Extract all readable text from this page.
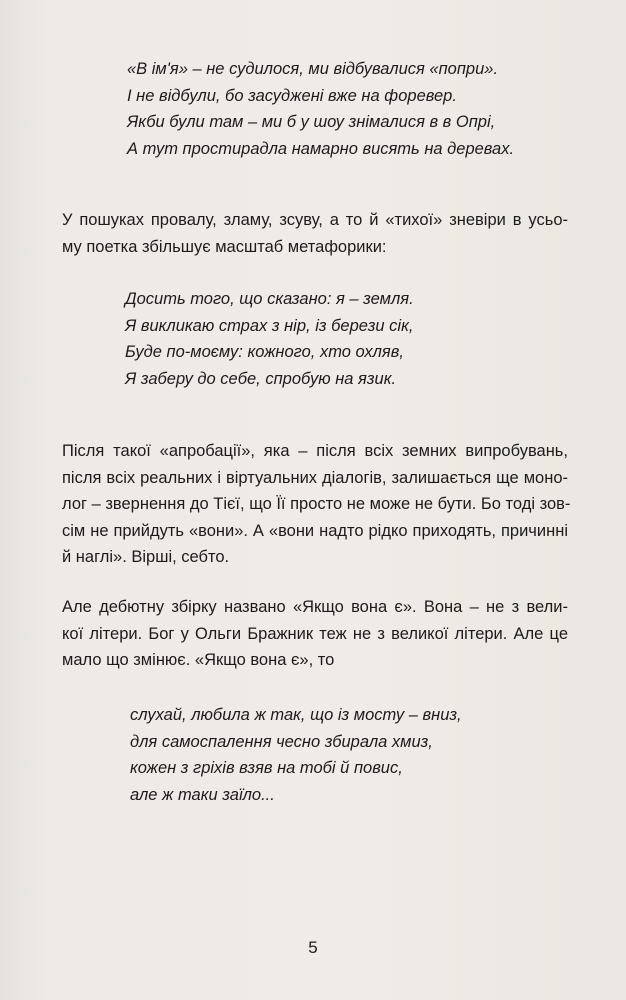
«В ім'я» – не судилося, ми відбувалися «попри».
І не відбули, бо засуджені вже на форевер.
Якби були там – ми б у шоу знімалися в в Опрі,
А тут простирадла намарно висять на деревах.
У пошуках провалу, зламу, зсуву, а то й «тихої» зневіри в усьо-
му поетка збільшує масштаб метафорики:
Досить того, що сказано: я – земля.
Я викликаю страх з нір, із берези сік,
Буде по-моєму: кожного, хто охляв,
Я заберу до себе, спробую на язик.
Після такої «апробації», яка – після всіх земних випробувань,
після всіх реальних і віртуальних діалогів, залишається ще моно-
лог – звернення до Тієї, що Її просто не може не бути. Бо тоді зов-
сім не прийдуть «вони». А «вони надто рідко приходять, причинні
й наглі». Вірші, себто.
Але дебютну збірку названо «Якщо вона є». Вона – не з вели-
кої літери. Бог у Ольги Бражник теж не з великої літери. Але це
мало що змінює. «Якщо вона є», то
слухай, любила ж так, що із мосту – вниз,
для самоспалення чесно збирала хмиз,
кожен з гріхів взяв на тобі й повис,
але ж таки заїло...
5
